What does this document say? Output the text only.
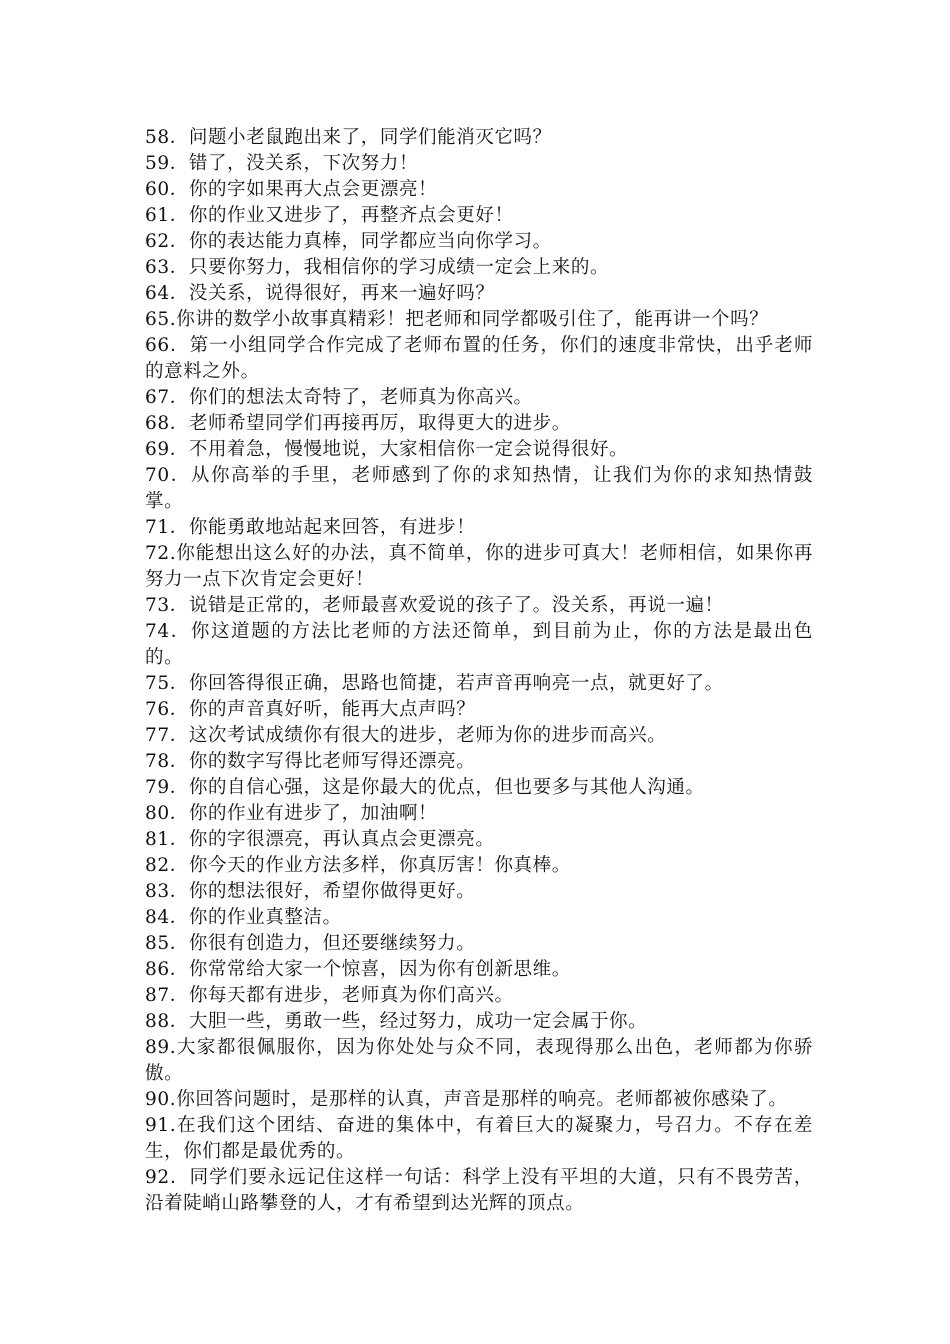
58．问题小老鼠跑出来了，同学们能消灭它吗？

59．错了，没关系，下次努力！

60．你的字如果再大点会更漂亮！

61．你的作业又进步了，再整齐点会更好！

62．你的表达能力真棒，同学都应当向你学习。

63．只要你努力，我相信你的学习成绩一定会上来的。

64．没关系，说得很好，再来一遍好吗？

65.你讲的数学小故事真精彩！把老师和同学都吸引住了，能再讲一个吗？

66．第一小组同学合作完成了老师布置的任务，你们的速度非常快，出乎老师的意料之外。

67．你们的想法太奇特了，老师真为你高兴。

68．老师希望同学们再接再厉，取得更大的进步。

69．不用着急，慢慢地说，大家相信你一定会说得很好。

70．从你高举的手里，老师感到了你的求知热情，让我们为你的求知热情鼓掌。

71．你能勇敢地站起来回答，有进步！

72.你能想出这么好的办法，真不简单，你的进步可真大！老师相信，如果你再努力一点下次肯定会更好！

73．说错是正常的，老师最喜欢爱说的孩子了。没关系，再说一遍！

74．你这道题的方法比老师的方法还简单，到目前为止，你的方法是最出色的。

75．你回答得很正确，思路也简捷，若声音再响亮一点，就更好了。

76．你的声音真好听，能再大点声吗？

77．这次考试成绩你有很大的进步，老师为你的进步而高兴。

78．你的数字写得比老师写得还漂亮。

79．你的自信心强，这是你最大的优点，但也要多与其他人沟通。

80．你的作业有进步了，加油啊！

81．你的字很漂亮，再认真点会更漂亮。

82．你今天的作业方法多样，你真厉害！你真棒。

83．你的想法很好，希望你做得更好。

84．你的作业真整洁。

85．你很有创造力，但还要继续努力。

86．你常常给大家一个惊喜，因为你有创新思维。

87．你每天都有进步，老师真为你们高兴。

88．大胆一些，勇敢一些，经过努力，成功一定会属于你。

89.大家都很佩服你，因为你处处与众不同，表现得那么出色，老师都为你骄傲。

90.你回答问题时，是那样的认真，声音是那样的响亮。老师都被你感染了。

91.在我们这个团结、奋进的集体中，有着巨大的凝聚力，号召力。不存在差生，你们都是最优秀的。

92．同学们要永远记住这样一句话：科学上没有平坦的大道，只有不畏劳苦，沿着陡峭山路攀登的人，才有希望到达光辉的顶点。
